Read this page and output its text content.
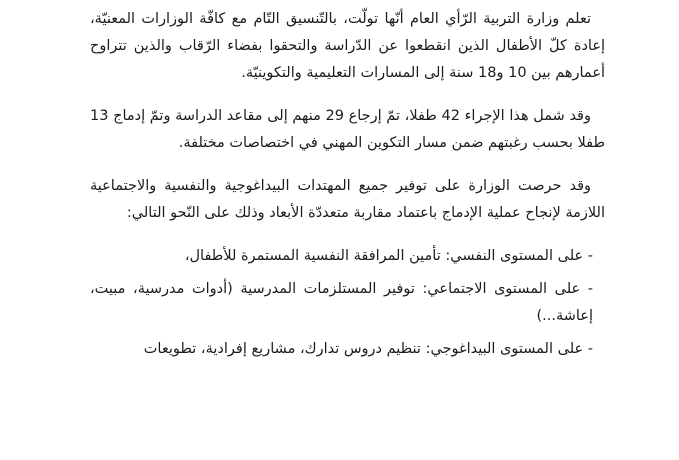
تعلم وزارة التربية الرّأي العام أنّها تولّت، بالتّنسيق التّام مع كافّة الوزارات المعنيّة، إعادة كلّ الأطفال الذين انقطعوا عن الدّراسة والتحقوا بفضاء الرّقاب والذين تتراوح أعمارهم بين 10 و18 سنة إلى المسارات التعليمية والتكوينيّة.

وقد شمل هذا الإجراء 42 طفلا، تمّ إرجاع 29 منهم إلى مقاعد الدراسة وتمّ إدماج 13 طفلا بحسب رغبتهم ضمن مسار التكوين المهني في اختصاصات مختلفة.

وقد حرصت الوزارة على توفير جميع المهتدات البيداغوجية والنفسية والاجتماعية اللازمة لإنجاح عملية الإدماج باعتماد مقاربة متعددّة الأبعاد وذلك على النّحو التالي:

- على المستوى النفسي: تأمين المرافقة النفسية المستمرة للأطفال،

- على المستوى الاجتماعي: توفير المستلزمات المدرسية (أدوات مدرسية، مبيت، إعاشة...)

- على المستوى البيداغوجي: تنظيم دروس تدارك، مشاريع إفرادية، تطويعات
